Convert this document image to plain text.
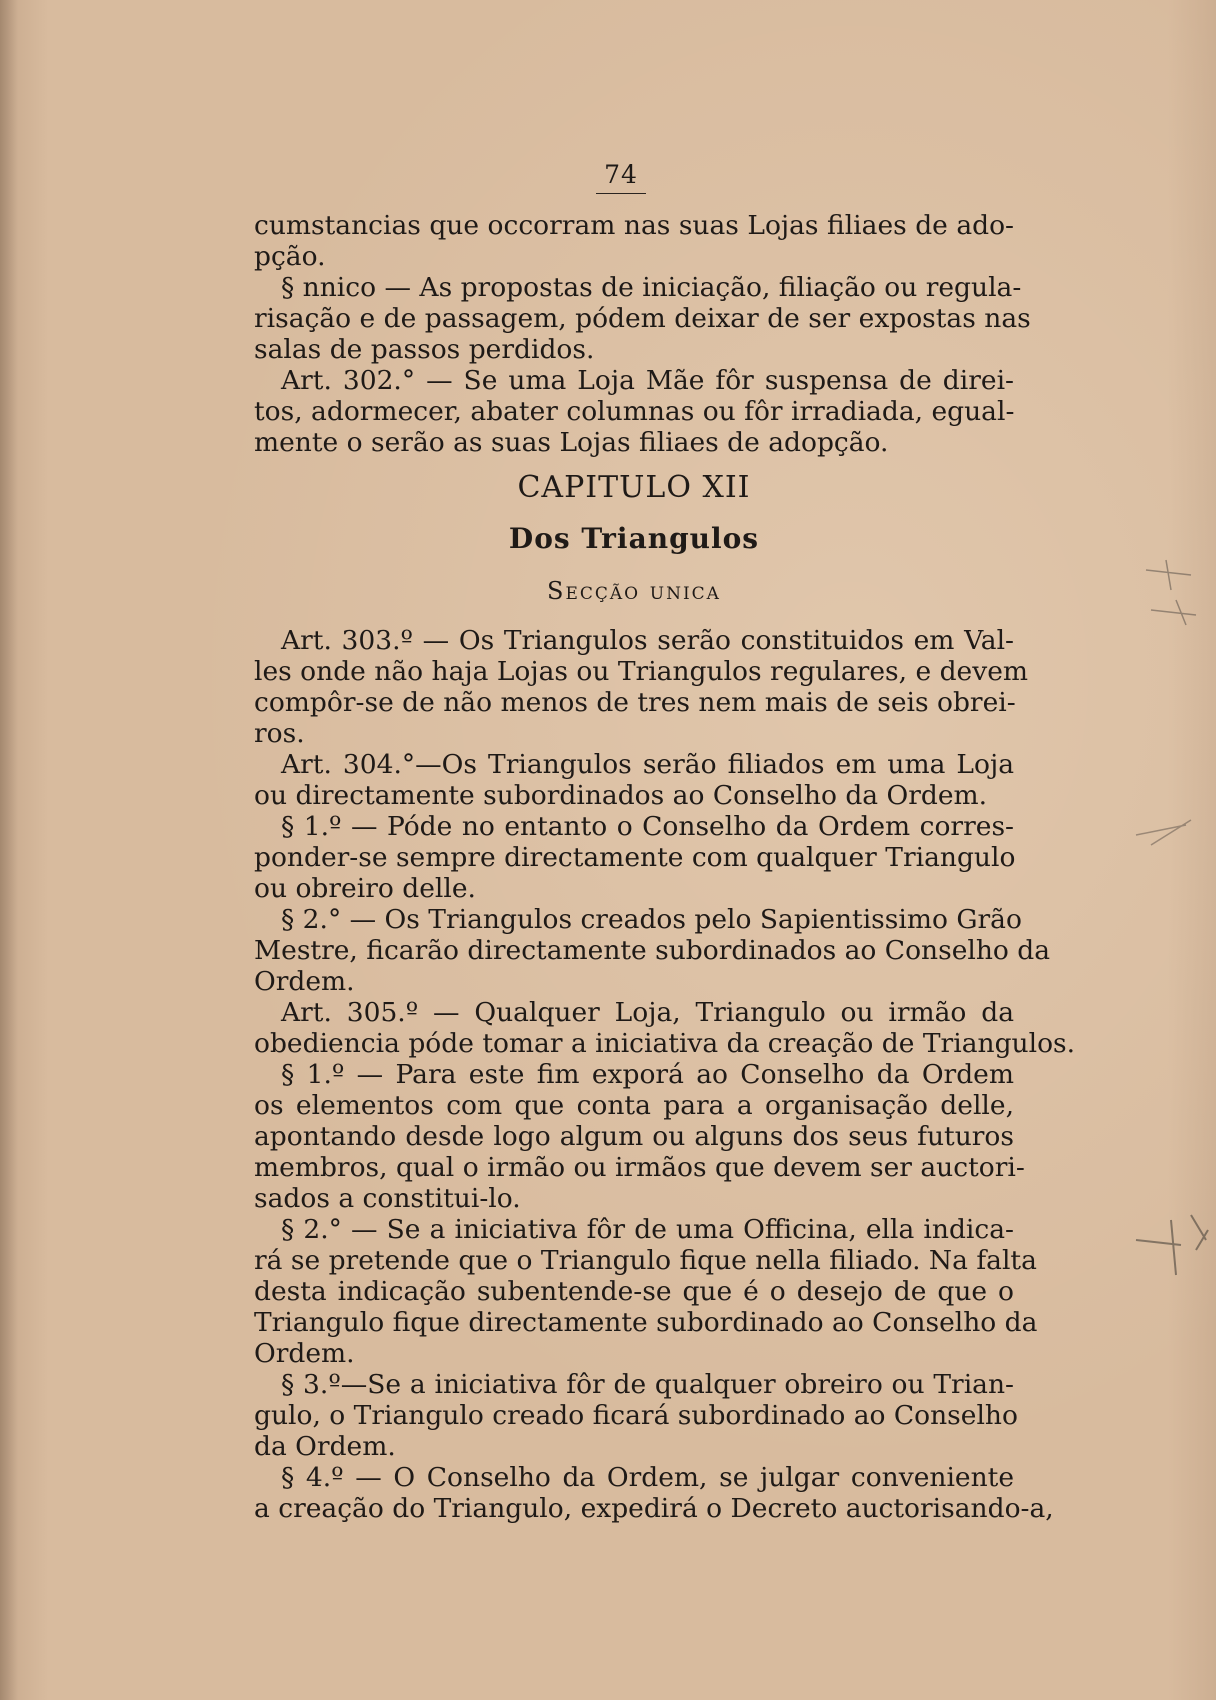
74
cumstancias que occorram nas suas Lojas filiaes de ado-
pção.
§ nnico — As propostas de iniciação, filiação ou regula-
risação e de passagem, pódem deixar de ser expostas nas
salas de passos perdidos.
Art. 302.° — Se uma Loja Mãe fôr suspensa de direi-
tos, adormecer, abater columnas ou fôr irradiada, egual-
mente o serão as suas Lojas filiaes de adopção.
CAPITULO XII
Dos Triangulos
Secção unica
Art. 303.º — Os Triangulos serão constituidos em Val-
les onde não haja Lojas ou Triangulos regulares, e devem
compôr-se de não menos de tres nem mais de seis obrei-
ros.
Art. 304.°—Os Triangulos serão filiados em uma Loja
ou directamente subordinados ao Conselho da Ordem.
§ 1.º — Póde no entanto o Conselho da Ordem corres-
ponder-se sempre directamente com qualquer Triangulo
ou obreiro delle.
§ 2.° — Os Triangulos creados pelo Sapientissimo Grão
Mestre, ficarão directamente subordinados ao Conselho da
Ordem.
Art. 305.º — Qualquer Loja, Triangulo ou irmão da
obediencia póde tomar a iniciativa da creação de Triangulos.
§ 1.º — Para este fim exporá ao Conselho da Ordem
os elementos com que conta para a organisação delle,
apontando desde logo algum ou alguns dos seus futuros
membros, qual o irmão ou irmãos que devem ser auctori-
sados a constitui-lo.
§ 2.° — Se a iniciativa fôr de uma Officina, ella indica-
rá se pretende que o Triangulo fique nella filiado. Na falta
desta indicação subentende-se que é o desejo de que o
Triangulo fique directamente subordinado ao Conselho da
Ordem.
§ 3.º—Se a iniciativa fôr de qualquer obreiro ou Trian-
gulo, o Triangulo creado ficará subordinado ao Conselho
da Ordem.
§ 4.º — O Conselho da Ordem, se julgar conveniente
a creação do Triangulo, expedirá o Decreto auctorisando-a,
